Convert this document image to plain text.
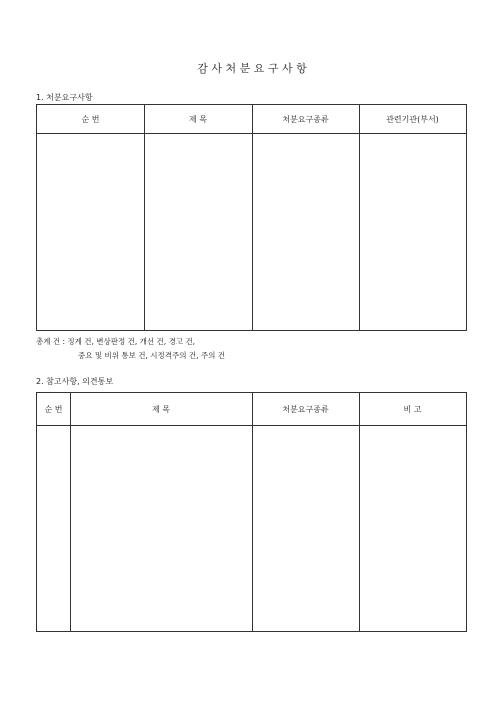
감 사 처 분 요 구 사 항
1. 처분요구사항
순 번	제 목	처분요구종류	관련기관(부서)
총계 건 : 징계 건, 변상판정 건, 개선 건, 경고 건,
중요 및 비위 통보 건, 시정격주의 건, 주의 건
2. 참고사항, 의견통보
순 번	제 목	처분요구종류	비 고
